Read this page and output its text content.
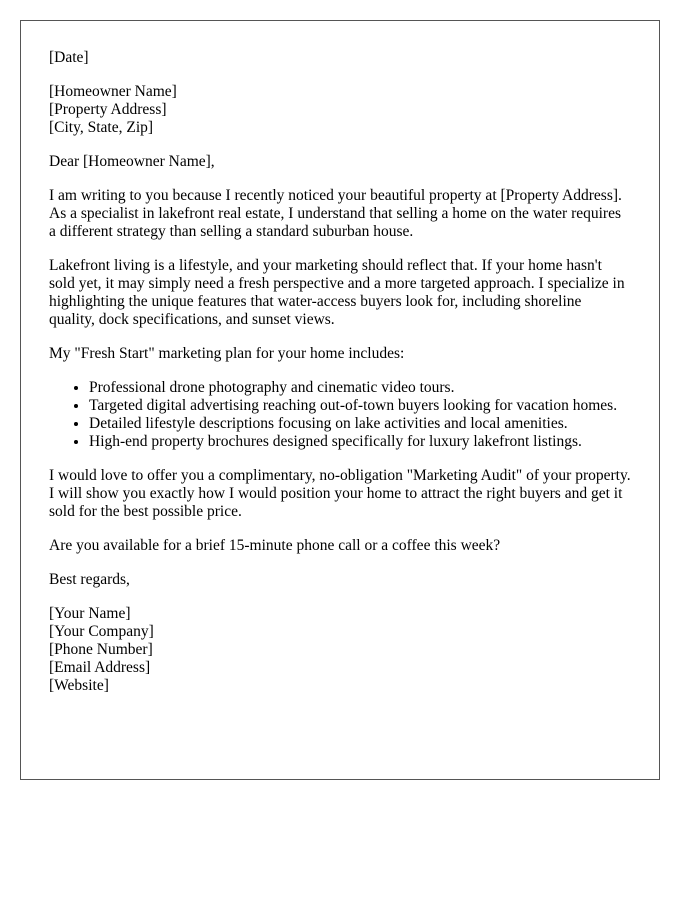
[Date]
[Homeowner Name]
[Property Address]
[City, State, Zip]
Dear [Homeowner Name],

I am writing to you because I recently noticed your beautiful property at [Property Address]. As a specialist in lakefront real estate, I understand that selling a home on the water requires a different strategy than selling a standard suburban house.

Lakefront living is a lifestyle, and your marketing should reflect that. If your home hasn't sold yet, it may simply need a fresh perspective and a more targeted approach. I specialize in highlighting the unique features that water-access buyers look for, including shoreline quality, dock specifications, and sunset views.

My "Fresh Start" marketing plan for your home includes:

• Professional drone photography and cinematic video tours.
• Targeted digital advertising reaching out-of-town buyers looking for vacation homes.
• Detailed lifestyle descriptions focusing on lake activities and local amenities.
• High-end property brochures designed specifically for luxury lakefront listings.

I would love to offer you a complimentary, no-obligation "Marketing Audit" of your property. I will show you exactly how I would position your home to attract the right buyers and get it sold for the best possible price.

Are you available for a brief 15-minute phone call or a coffee this week?

Best regards,
[Your Name]
[Your Company]
[Phone Number]
[Email Address]
[Website]
